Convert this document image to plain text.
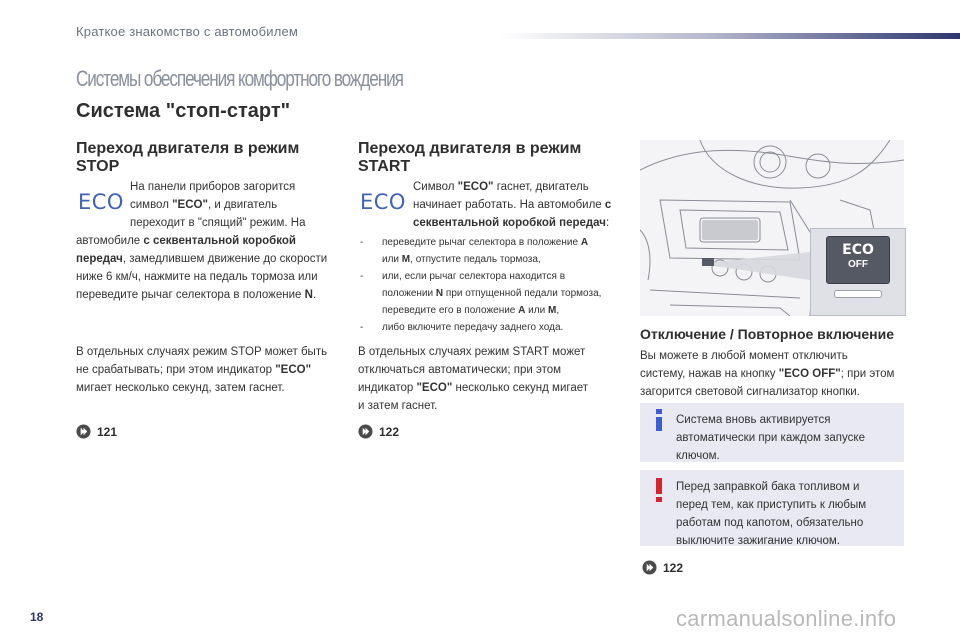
Краткое знакомство с автомобилем
Системы обеспечения комфортного вождения
Система "стоп-старт"
Переход двигателя в режим
STOP
ECO
На панели приборов загорится
символ "ECO", и двигатель
переходит в "спящий" режим. На
автомобиле с секвентальной коробкой
передач, замедлившем движение до скорости
ниже 6 км/ч, нажмите на педаль тормоза или
переведите рычаг селектора в положение N.
В отдельных случаях режим STOP может быть
не срабатывать; при этом индикатор "ECO"
мигает несколько секунд, затем гаснет.
121
Переход двигателя в режим
START
ECO
Символ "ECO" гаснет, двигатель
начинает работать. На автомобиле с
секвентальной коробкой передач:
- переведите рычаг селектора в положение A
или M, отпустите педаль тормоза,
- или, если рычаг селектора находится в
положении N при отпущенной педали тормоза,
переведите его в положение A или M,
- либо включите передачу заднего хода.
В отдельных случаях режим START может
отключаться автоматически; при этом
индикатор "ECO" несколько секунд мигает
и затем гаснет.
122
ECO
OFF
Отключение / Повторное включение
Вы можете в любой момент отключить
систему, нажав на кнопку "ECO OFF"; при этом
загорится световой сигнализатор кнопки.
Система вновь активируется
автоматически при каждом запуске
ключом.
Перед заправкой бака топливом и
перед тем, как приступить к любым
работам под капотом, обязательно
выключите зажигание ключом.
122
18	carmanualsonline.info
